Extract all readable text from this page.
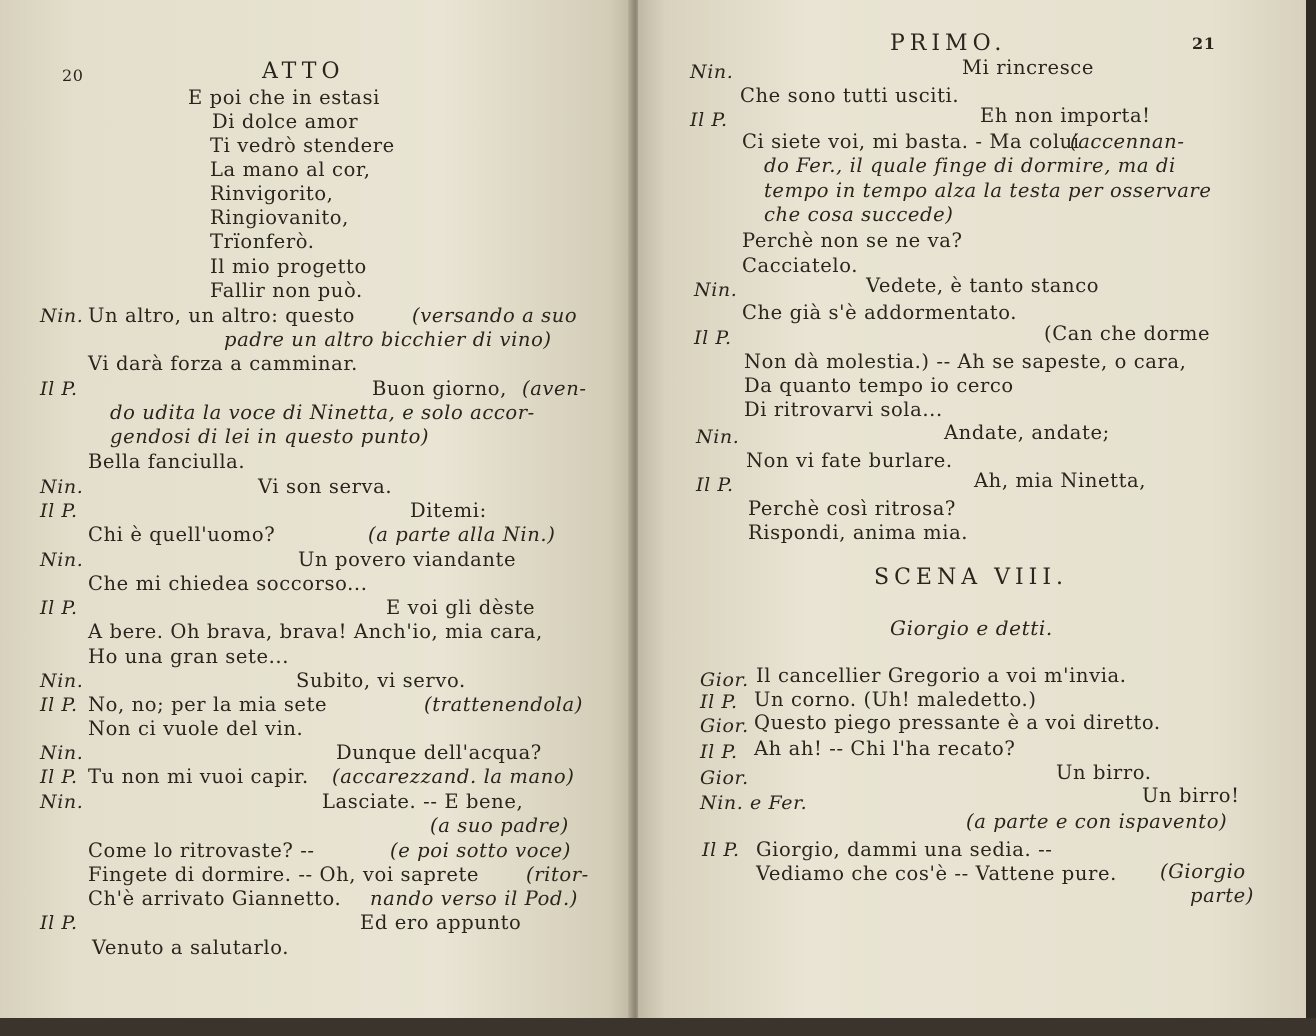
20	ATTO
E poi che in estasi
Di dolce amor
Ti vedrò stendere
La mano al cor,
Rinvigorito,
Ringiovanito,
Trïonferò.
Il mio progetto
Fallir non può.
Nin. Un altro, un altro: questo	(versando a suo
padre un altro bicchier di vino)
Vi darà forza a camminar.
Il P.	Buon giorno, (aven-
do udita la voce di Ninetta, e solo accor-
gendosi di lei in questo punto)
Bella fanciulla.
Nin.	Vi son serva.
Il P.	Ditemi:
Chi è quell'uomo?	(a parte alla Nin.)
Nin.	Un povero viandante
Che mi chiedea soccorso...
Il P.	E voi gli dèste
A bere. Oh brava, brava! Anch'io, mia cara,
Ho una gran sete...
Nin.	Subito, vi servo.
Il P. No, no; per la mia sete	(trattenendola)
Non ci vuole del vin.
Nin.	Dunque dell'acqua?
Il P. Tu non mi vuoi capir. (accarezzand. la mano)
Nin.	Lasciate. -- E bene,
(a suo padre)
Come lo ritrovaste? --	(e poi sotto voce)
Fingete di dormire. -- Oh, voi saprete (ritor-
Ch'è arrivato Giannetto. nando verso il Pod.)
Il P.	Ed ero appunto
Venuto a salutarlo.
PRIMO.	21
Nin.	Mi rincresce
Che sono tutti usciti.
Il P.	Eh non importa!
Ci siete voi, mi basta. - Ma colui
(accennan-
do Fer., il quale finge di dormire, ma di
tempo in tempo alza la testa per osservare
che cosa succede)
Perchè non se ne va?
Cacciatelo.
Nin.	Vedete, è tanto stanco
Che già s'è addormentato.
Il P.	(Can che dorme
Non dà molestia.) -- Ah se sapeste, o cara,
Da quanto tempo io cerco
Di ritrovarvi sola...
Nin.	Andate, andate;
Non vi fate burlare.
Il P.	Ah, mia Ninetta,
Perchè così ritrosa?
Rispondi, anima mia.
SCENA VIII.
Giorgio e detti.
Gior. Il cancellier Gregorio a voi m'invia.
Il P. Un corno. (Uh! maledetto.)
Gior. Questo piego pressante è a voi diretto.
Il P. Ah ah! -- Chi l'ha recato?
Gior.	Un birro.
Nin. e Fer.	Un birro!
(a parte e con ispavento)
Il P. Giorgio, dammi una sedia. --
Vediamo che cos'è -- Vattene pure. (Giorgio
parte)
